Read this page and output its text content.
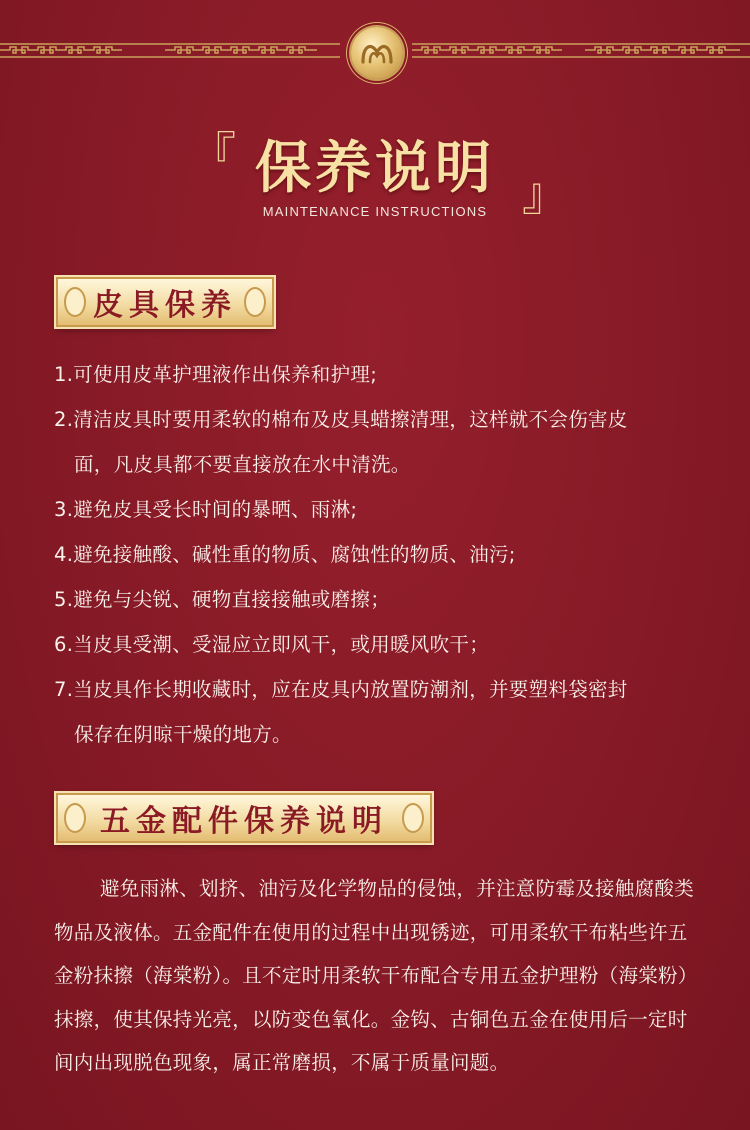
『 保养说明 』
MAINTENANCE INSTRUCTIONS
皮具保养
1.可使用皮革护理液作出保养和护理;
2.清洁皮具时要用柔软的棉布及皮具蜡擦清理，这样就不会伤害皮
面，凡皮具都不要直接放在水中清洗。
3.避免皮具受长时间的暴晒、雨淋;
4.避免接触酸、碱性重的物质、腐蚀性的物质、油污;
5.避免与尖锐、硬物直接接触或磨擦；
6.当皮具受潮、受湿应立即风干，或用暖风吹干；
7.当皮具作长期收藏时，应在皮具内放置防潮剂，并要塑料袋密封
保存在阴晾干燥的地方。
五金配件保养说明

避免雨淋、划挤、油污及化学物品的侵蚀，并注意防霉及接触腐酸类物品及液体。五金配件在使用的过程中出现锈迹，可用柔软干布粘些许五金粉抹擦（海棠粉）。且不定时用柔软干布配合专用五金护理粉（海棠粉）抹擦，使其保持光亮，以防变色氧化。金钩、古铜色五金在使用后一定时间内出现脱色现象，属正常磨损，不属于质量问题。
